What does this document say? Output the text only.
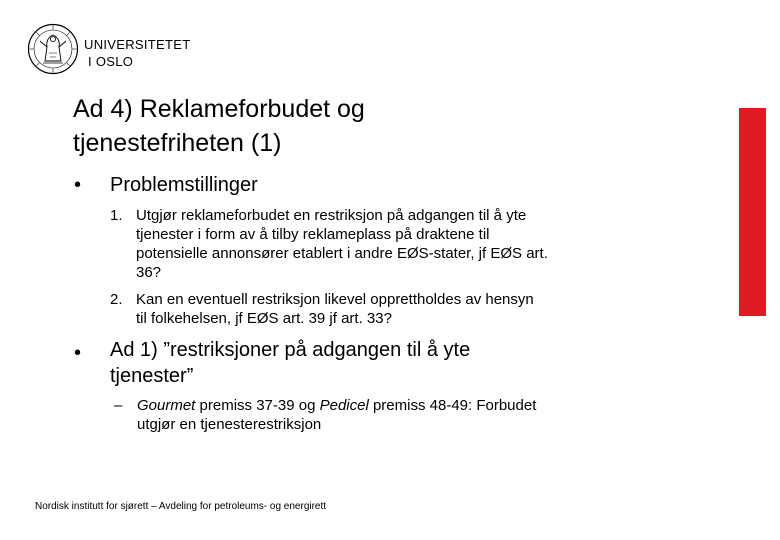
UNIVERSITETET
I OSLO
Ad 4) Reklameforbudet og
tjenestefriheten (1)
• Problemstillinger
1. Utgjør reklameforbudet en restriksjon på adgangen til å yte
tjenester i form av å tilby reklameplass på draktene til
potensielle annonsører etablert i andre EØS-stater, jf EØS art.
36?
2. Kan en eventuell restriksjon likevel opprettholdes av hensyn
til folkehelsen, jf EØS art. 39 jf art. 33?
• Ad 1) ”restriksjoner på adgangen til å yte
tjenester”
– Gourmet premiss 37-39 og Pedicel premiss 48-49: Forbudet
utgjør en tjenesterestriksjon
Nordisk institutt for sjørett – Avdeling for petroleums- og energirett
